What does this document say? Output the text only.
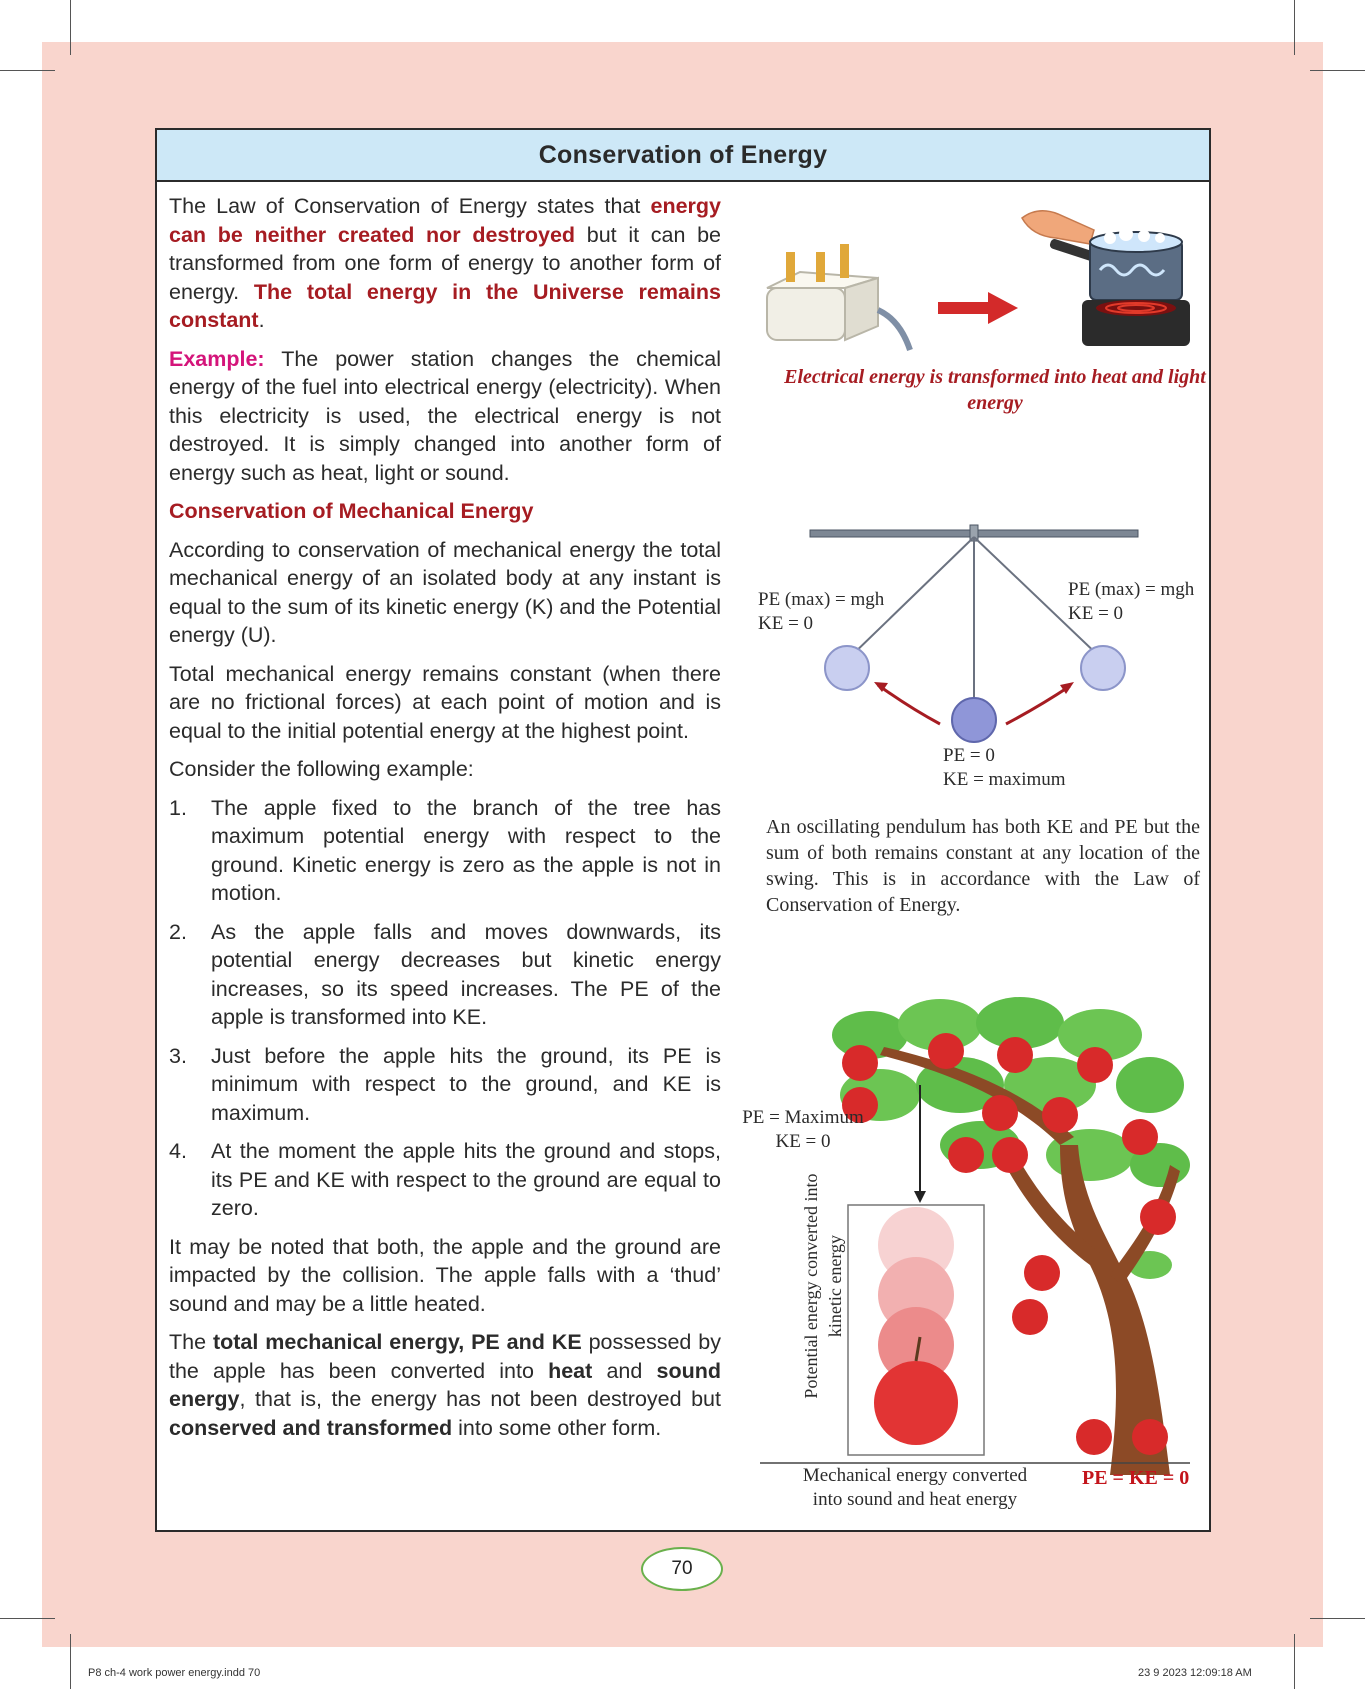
Conservation of Energy

The Law of Conservation of Energy states that energy can be neither created nor destroyed but it can be transformed from one form of energy to another form of energy. The total energy in the Universe remains constant.

Example: The power station changes the chemical energy of the fuel into electrical energy (electricity). When this electricity is used, the electrical energy is not destroyed. It is simply changed into another form of energy such as heat, light or sound.

Conservation of Mechanical Energy

According to conservation of mechanical energy the total mechanical energy of an isolated body at any instant is equal to the sum of its kinetic energy (K) and the Potential energy (U).

Total mechanical energy remains constant (when there are no frictional forces) at each point of motion and is equal to the initial potential energy at the highest point.

Consider the following example:

1. The apple fixed to the branch of the tree has maximum potential energy with respect to the ground. Kinetic energy is zero as the apple is not in motion.
2. As the apple falls and moves downwards, its potential energy decreases but kinetic energy increases, so its speed increases. The PE of the apple is transformed into KE.
3. Just before the apple hits the ground, its PE is minimum with respect to the ground, and KE is maximum.
4. At the moment the apple hits the ground and stops, its PE and KE with respect to the ground are equal to zero.

It may be noted that both, the apple and the ground are impacted by the collision. The apple falls with a ‘thud’ sound and may be a little heated.

The total mechanical energy, PE and KE possessed by the apple has been converted into heat and sound energy, that is, the energy has not been destroyed but conserved and transformed into some other form.

Electrical energy is transformed into heat and light energy
PE (max) = mgh
KE = 0
PE (max) = mgh
KE = 0
PE = 0
KE = maximum
An oscillating pendulum has both KE and PE but the sum of both remains constant at any location of the swing. This is in accordance with the Law of Conservation of Energy.
PE = Maximum
KE = 0
Potential energy converted into kinetic energy
Mechanical energy converted
into sound and heat energy
PE = KE = 0
70
P8 ch-4 work power energy.indd 70	23 9 2023 12:09:18 AM
